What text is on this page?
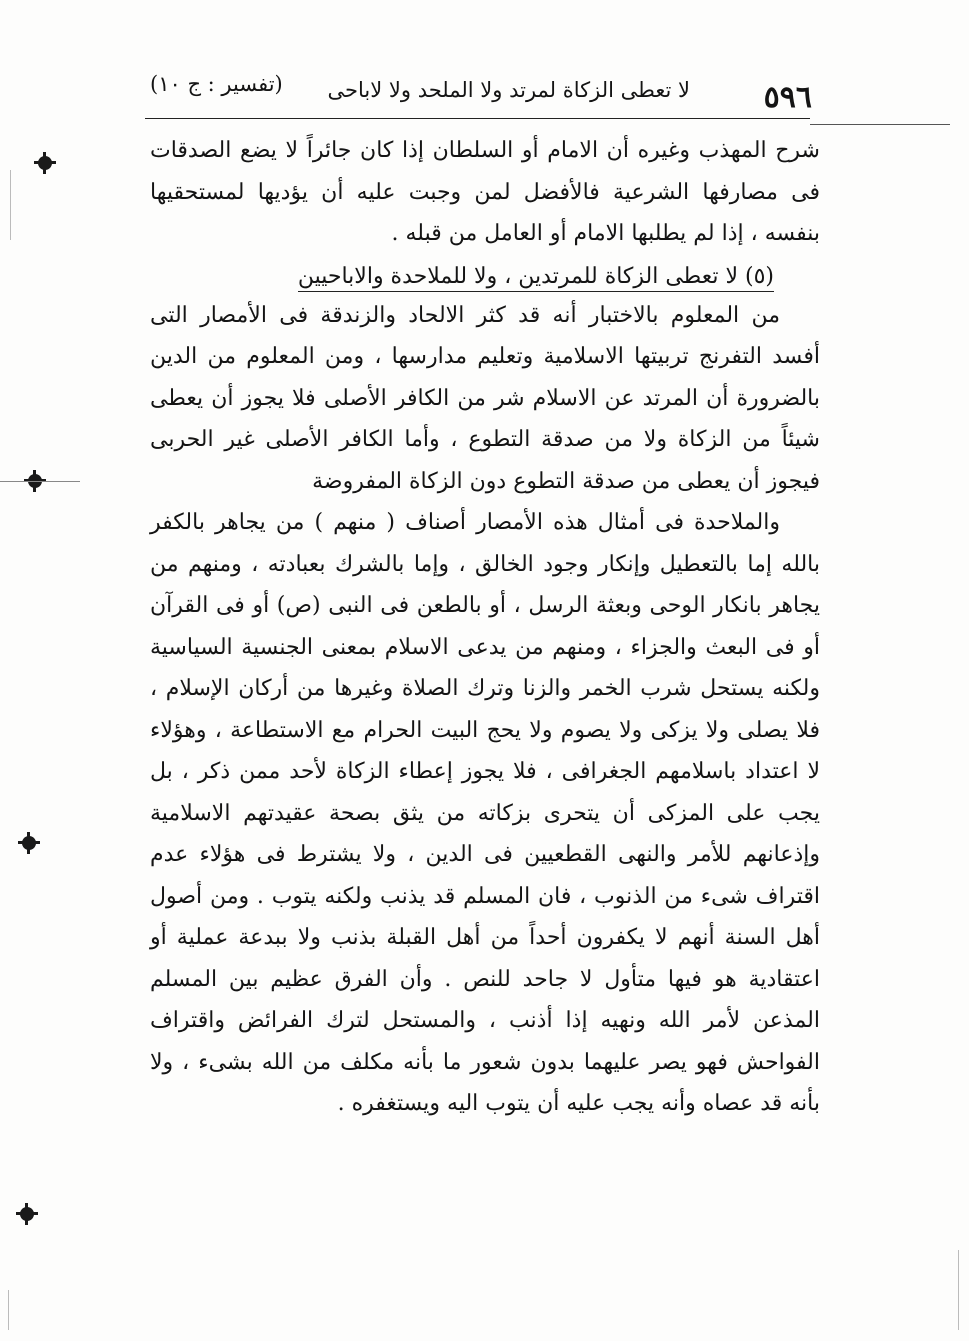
٥٩٦
لا تعطى الزكاة لمرتد ولا الملحد ولا لاباحى
(تفسير : ج ١٠)

شرح المهذب وغيره أن الامام أو السلطان إذا كان جائراً لا يضع الصدقات فى مصارفها الشرعية فالأفضل لمن وجبت عليه أن يؤديها لمستحقيها بنفسه ، إذا لم يطلبها الامام أو العامل من قبله .

(٥) لا تعطى الزكاة للمرتدين ، ولا للملاحدة والاباحيين

من المعلوم بالاختبار أنه قد كثر الالحاد والزندقة فى الأمصار التى أفسد التفرنج تربيتها الاسلامية وتعليم مدارسها ، ومن المعلوم من الدين بالضرورة أن المرتد عن الاسلام شر من الكافر الأصلى فلا يجوز أن يعطى شيئاً من الزكاة ولا من صدقة التطوع ، وأما الكافر الأصلى غير الحربى فيجوز أن يعطى من صدقة التطوع دون الزكاة المفروضة

والملاحدة فى أمثال هذه الأمصار أصناف ( منهم ) من يجاهر بالكفر بالله إما بالتعطيل وإنكار وجود الخالق ، وإما بالشرك بعبادته ، ومنهم من يجاهر بانكار الوحى وبعثة الرسل ، أو بالطعن فى النبى (ص) أو فى القرآن أو فى البعث والجزاء ، ومنهم من يدعى الاسلام بمعنى الجنسية السياسية ولكنه يستحل شرب الخمر والزنا وترك الصلاة وغيرها من أركان الإسلام ، فلا يصلى ولا يزكى ولا يصوم ولا يحج البيت الحرام مع الاستطاعة ، وهؤلاء لا اعتداد باسلامهم الجغرافى ، فلا يجوز إعطاء الزكاة لأحد ممن ذكر ، بل يجب على المزكى أن يتحرى بزكاته من يثق بصحة عقيدتهم الاسلامية وإذعانهم للأمر والنهى القطعيين فى الدين ، ولا يشترط فى هؤلاء عدم اقتراف شىء من الذنوب ، فان المسلم قد يذنب ولكنه يتوب . ومن أصول أهل السنة أنهم لا يكفرون أحداً من أهل القبلة بذنب ولا ببدعة عملية أو اعتقادية هو فيها متأول لا جاحد للنص . وأن الفرق عظيم بين المسلم المذعن لأمر الله ونهيه إذا أذنب ، والمستحل لترك الفرائض واقتراف الفواحش فهو يصر عليهما بدون شعور ما بأنه مكلف من الله بشىء ، ولا بأنه قد عصاه وأنه يجب عليه أن يتوب اليه ويستغفره .
